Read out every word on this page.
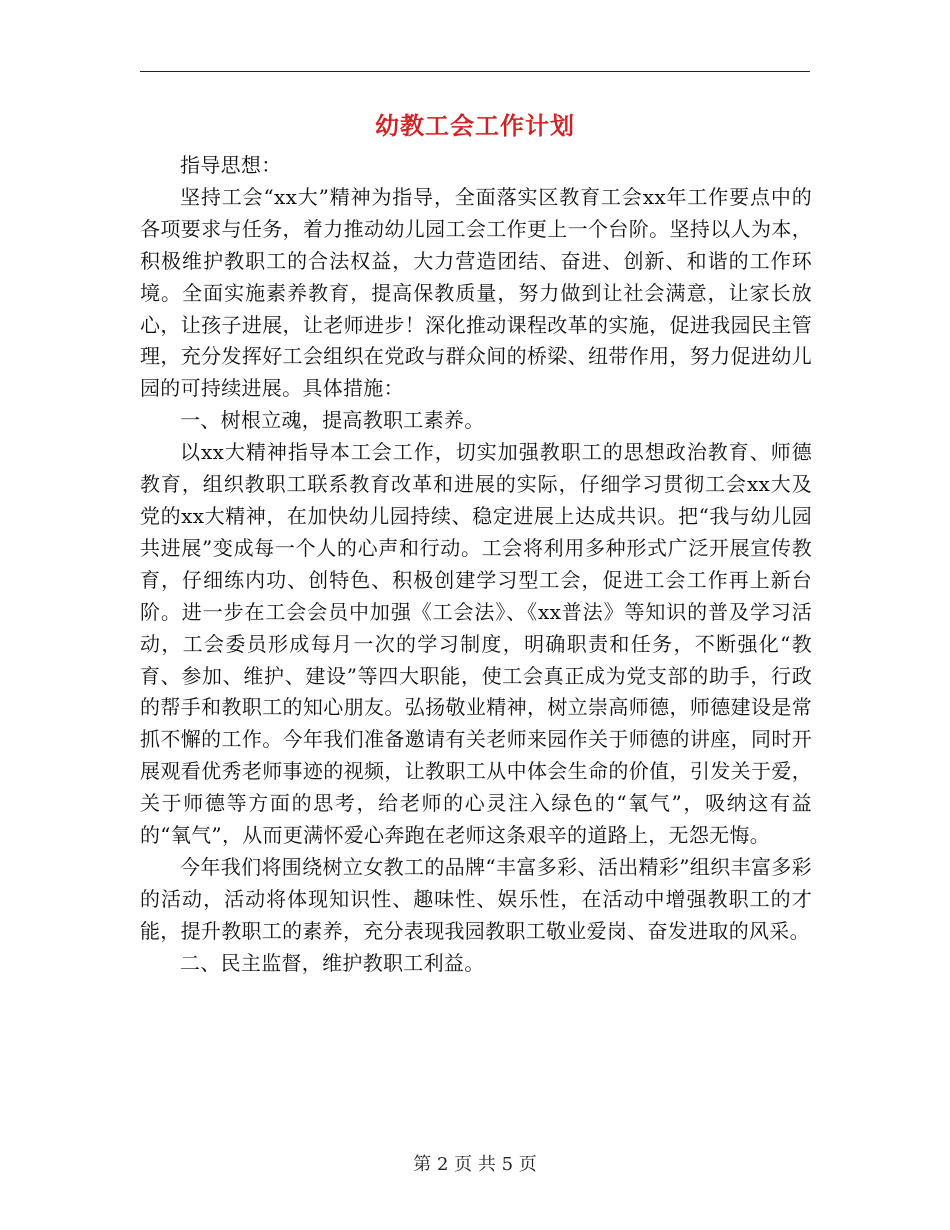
幼教工会工作计划

指导思想：

坚持工会“xx大”精神为指导，全面落实区教育工会xx年工作要点中的各项要求与任务，着力推动幼儿园工会工作更上一个台阶。坚持以人为本，积极维护教职工的合法权益，大力营造团结、奋进、创新、和谐的工作环境。全面实施素养教育，提高保教质量，努力做到让社会满意，让家长放心，让孩子进展，让老师进步！深化推动课程改革的实施，促进我园民主管理，充分发挥好工会组织在党政与群众间的桥梁、纽带作用，努力促进幼儿园的可持续进展。具体措施：

一、树根立魂，提高教职工素养。

以xx大精神指导本工会工作，切实加强教职工的思想政治教育、师德教育，组织教职工联系教育改革和进展的实际，仔细学习贯彻工会xx大及党的xx大精神，在加快幼儿园持续、稳定进展上达成共识。把“我与幼儿园共进展”变成每一个人的心声和行动。工会将利用多种形式广泛开展宣传教育，仔细练内功、创特色、积极创建学习型工会，促进工会工作再上新台阶。进一步在工会会员中加强《工会法》、《xx普法》等知识的普及学习活动，工会委员形成每月一次的学习制度，明确职责和任务，不断强化“教育、参加、维护、建设”等四大职能，使工会真正成为党支部的助手，行政的帮手和教职工的知心朋友。弘扬敬业精神，树立崇高师德，师德建设是常抓不懈的工作。今年我们准备邀请有关老师来园作关于师德的讲座，同时开展观看优秀老师事迹的视频，让教职工从中体会生命的价值，引发关于爱，关于师德等方面的思考，给老师的心灵注入绿色的“氧气”，吸纳这有益的“氧气”，从而更满怀爱心奔跑在老师这条艰辛的道路上，无怨无悔。

今年我们将围绕树立女教工的品牌“丰富多彩、活出精彩”组织丰富多彩的活动，活动将体现知识性、趣味性、娱乐性，在活动中增强教职工的才能，提升教职工的素养，充分表现我园教职工敬业爱岗、奋发进取的风采。

二、民主监督，维护教职工利益。

第 2 页 共 5 页
